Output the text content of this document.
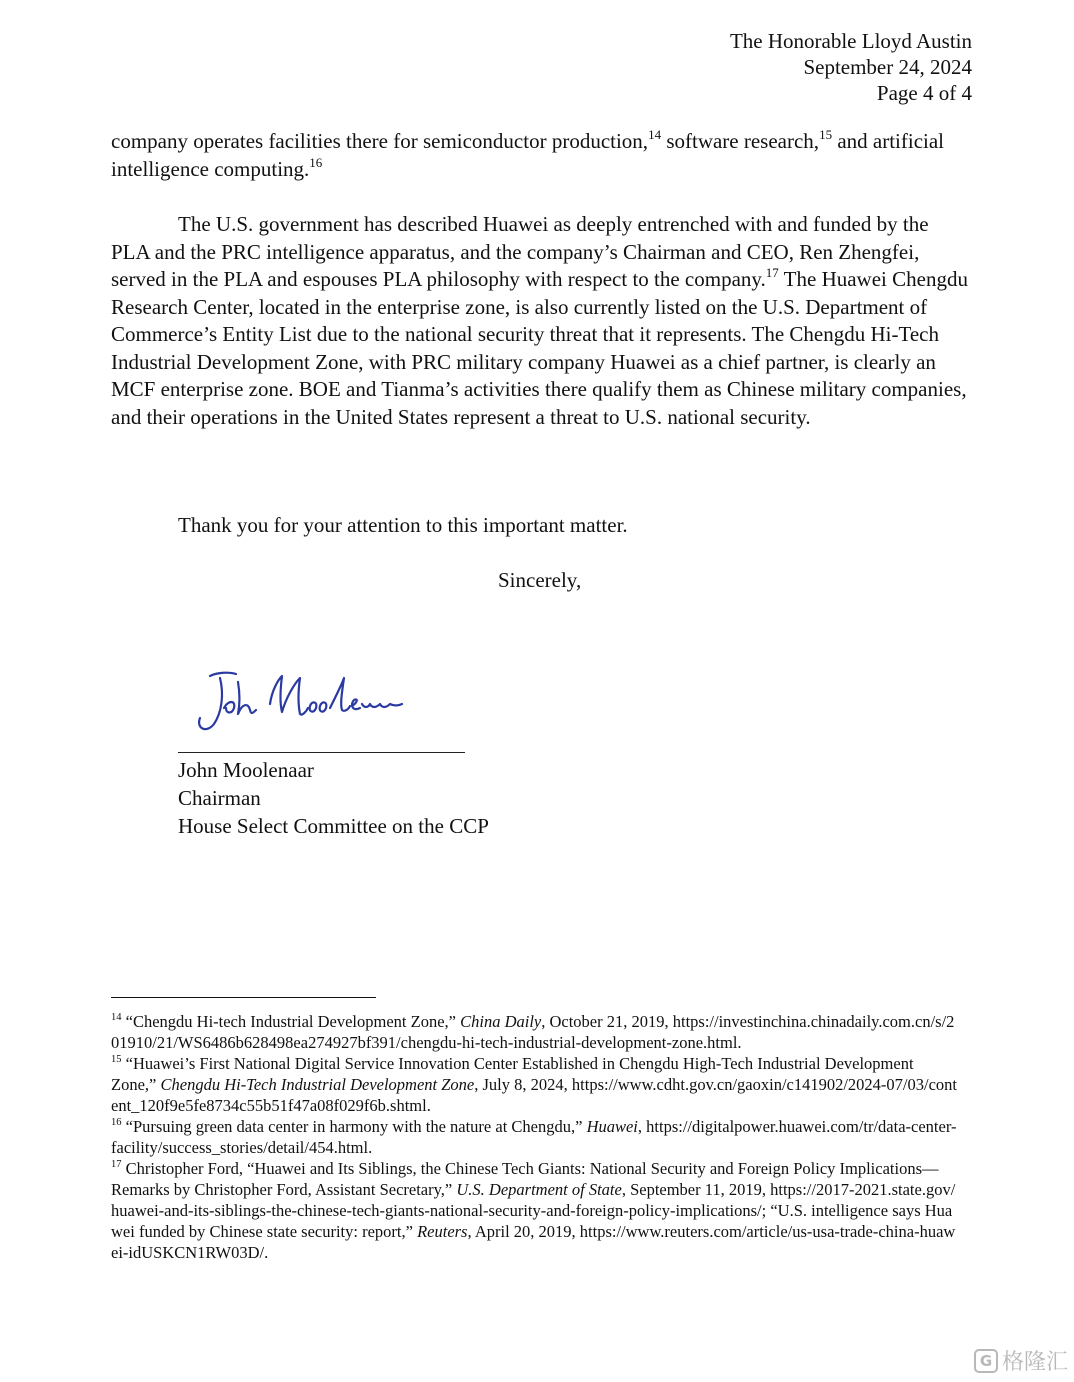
The Honorable Lloyd Austin
September 24, 2024
Page 4 of 4

company operates facilities there for semiconductor production,$^{14}$ software research,$^{15}$ and artificial intelligence computing.$^{16}$

The U.S. government has described Huawei as deeply entrenched with and funded by the PLA and the PRC intelligence apparatus, and the company’s Chairman and CEO, Ren Zhengfei, served in the PLA and espouses PLA philosophy with respect to the company.$^{17}$ The Huawei Chengdu Research Center, located in the enterprise zone, is also currently listed on the U.S. Department of Commerce’s Entity List due to the national security threat that it represents. The Chengdu Hi-Tech Industrial Development Zone, with PRC military company Huawei as a chief partner, is clearly an MCF enterprise zone. BOE and Tianma’s activities there qualify them as Chinese military companies, and their operations in the United States represent a threat to U.S. national security.

Thank you for your attention to this important matter.
Sincerely,
John Moolenaar
Chairman
House Select Committee on the CCP

$^{14}$ “Chengdu Hi-tech Industrial Development Zone,” China Daily, October 21, 2019, https://investinchina.chinadaily.com.cn/s/201910/21/WS6486b628498ea274927bf391/chengdu-hi-tech-industrial-development-zone.html.

$^{15}$ “Huawei’s First National Digital Service Innovation Center Established in Chengdu High-Tech Industrial Development Zone,” Chengdu Hi-Tech Industrial Development Zone, July 8, 2024, https://www.cdht.gov.cn/gaoxin/c141902/2024-07/03/content_120f9e5fe8734c55b51f47a08f029f6b.shtml.

$^{16}$ “Pursuing green data center in harmony with the nature at Chengdu,” Huawei, https://digitalpower.huawei.com/tr/data-center-facility/success_stories/detail/454.html.

$^{17}$ Christopher Ford, “Huawei and Its Siblings, the Chinese Tech Giants: National Security and Foreign Policy Implications—Remarks by Christopher Ford, Assistant Secretary,” U.S. Department of State, September 11, 2019, https://2017-2021.state.gov/huawei-and-its-siblings-the-chinese-tech-giants-national-security-and-foreign-policy-implications/; “U.S. intelligence says Huawei funded by Chinese state security: report,” Reuters, April 20, 2019, https://www.reuters.com/article/us-usa-trade-china-huawei-idUSKCN1RW03D/.

G 格隆汇
